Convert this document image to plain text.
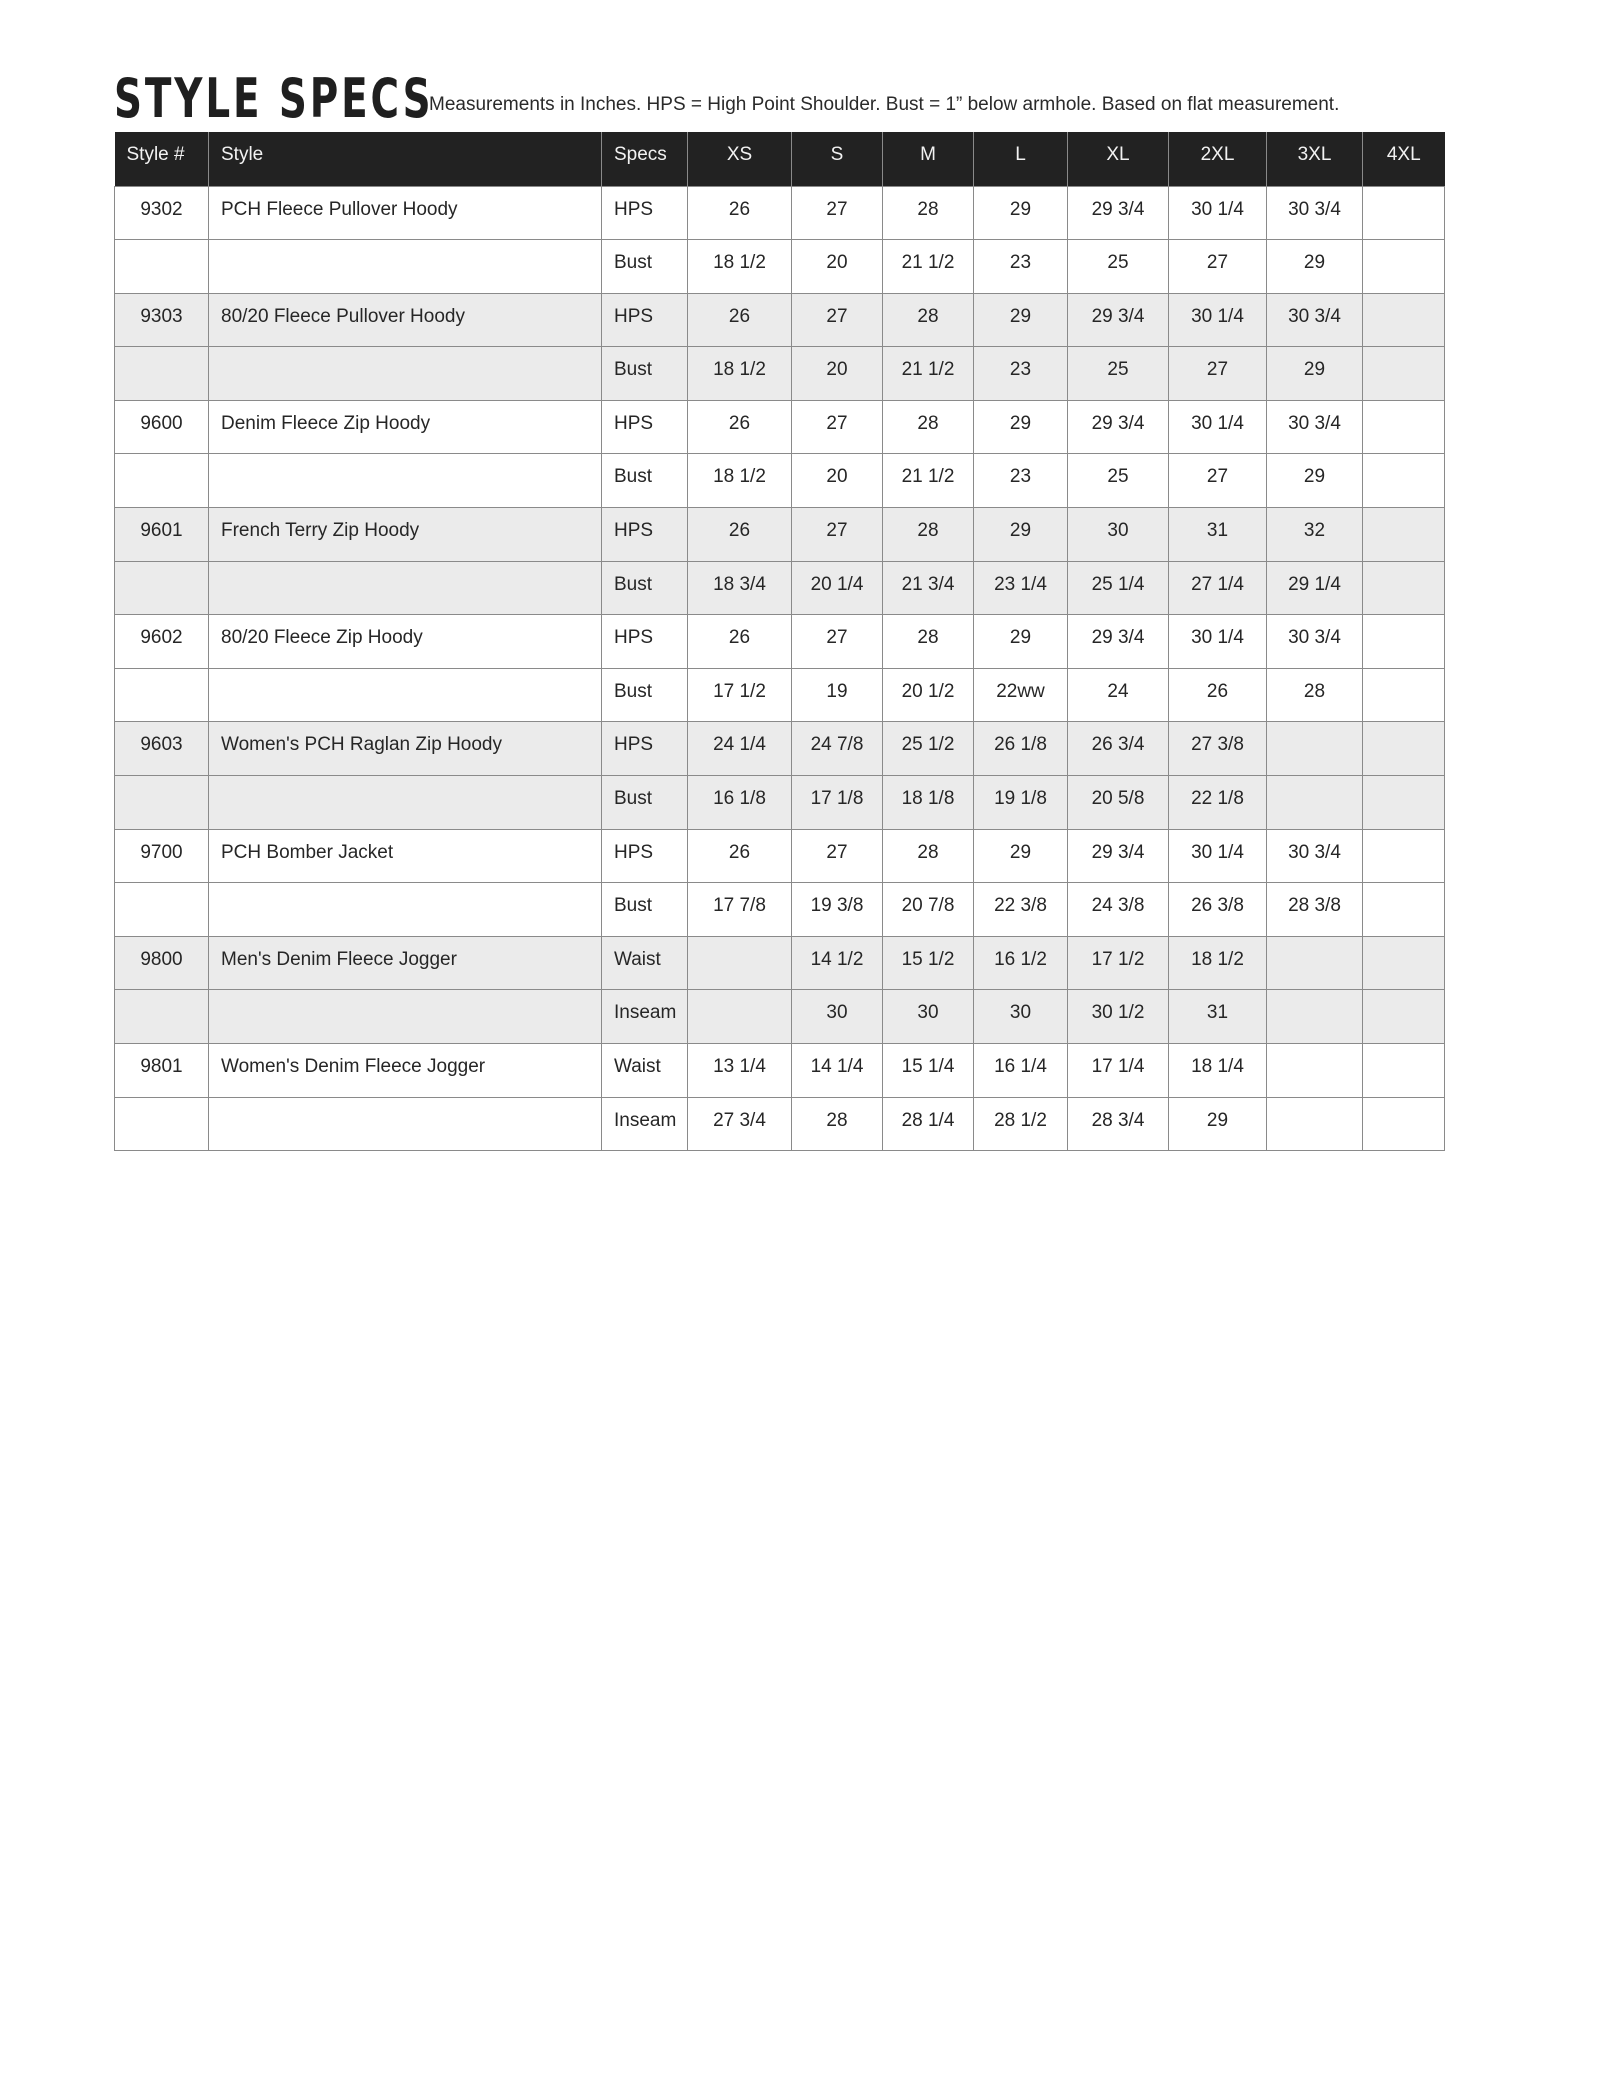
STYLE SPECS
Measurements in Inches. HPS = High Point Shoulder. Bust = 1” below armhole. Based on flat measurement.
Style #	Style	Specs	XS	S	M	L	XL	2XL	3XL	4XL
9302	PCH Fleece Pullover Hoody	HPS	26	27	28	29	29 3/4	30 1/4	30 3/4	
		Bust	18 1/2	20	21 1/2	23	25	27	29	
9303	80/20 Fleece Pullover Hoody	HPS	26	27	28	29	29 3/4	30 1/4	30 3/4	
		Bust	18 1/2	20	21 1/2	23	25	27	29	
9600	Denim Fleece Zip Hoody	HPS	26	27	28	29	29 3/4	30 1/4	30 3/4	
		Bust	18 1/2	20	21 1/2	23	25	27	29	
9601	French Terry Zip Hoody	HPS	26	27	28	29	30	31	32	
		Bust	18 3/4	20 1/4	21 3/4	23 1/4	25 1/4	27 1/4	29 1/4	
9602	80/20 Fleece Zip Hoody	HPS	26	27	28	29	29 3/4	30 1/4	30 3/4	
		Bust	17 1/2	19	20 1/2	22ww	24	26	28	
9603	Women's PCH Raglan Zip Hoody	HPS	24 1/4	24 7/8	25 1/2	26 1/8	26 3/4	27 3/8		
		Bust	16 1/8	17 1/8	18 1/8	19 1/8	20 5/8	22 1/8		
9700	PCH Bomber Jacket	HPS	26	27	28	29	29 3/4	30 1/4	30 3/4	
		Bust	17 7/8	19 3/8	20 7/8	22 3/8	24 3/8	26 3/8	28 3/8	
9800	Men's Denim Fleece Jogger	Waist		14 1/2	15 1/2	16 1/2	17 1/2	18 1/2		
		Inseam		30	30	30	30 1/2	31		
9801	Women's Denim Fleece Jogger	Waist	13 1/4	14 1/4	15 1/4	16 1/4	17 1/4	18 1/4		
		Inseam	27 3/4	28	28 1/4	28 1/2	28 3/4	29		
